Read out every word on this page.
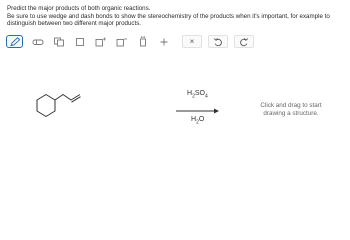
Predict the major products of both organic reactions.
Be sure to use wedge and dash bonds to show the stereochemistry of the products when it's important, for example to distinguish between two different major products.
×
$H_2SO_4$
$H_2O$
Click and drag to start
drawing a structure.
